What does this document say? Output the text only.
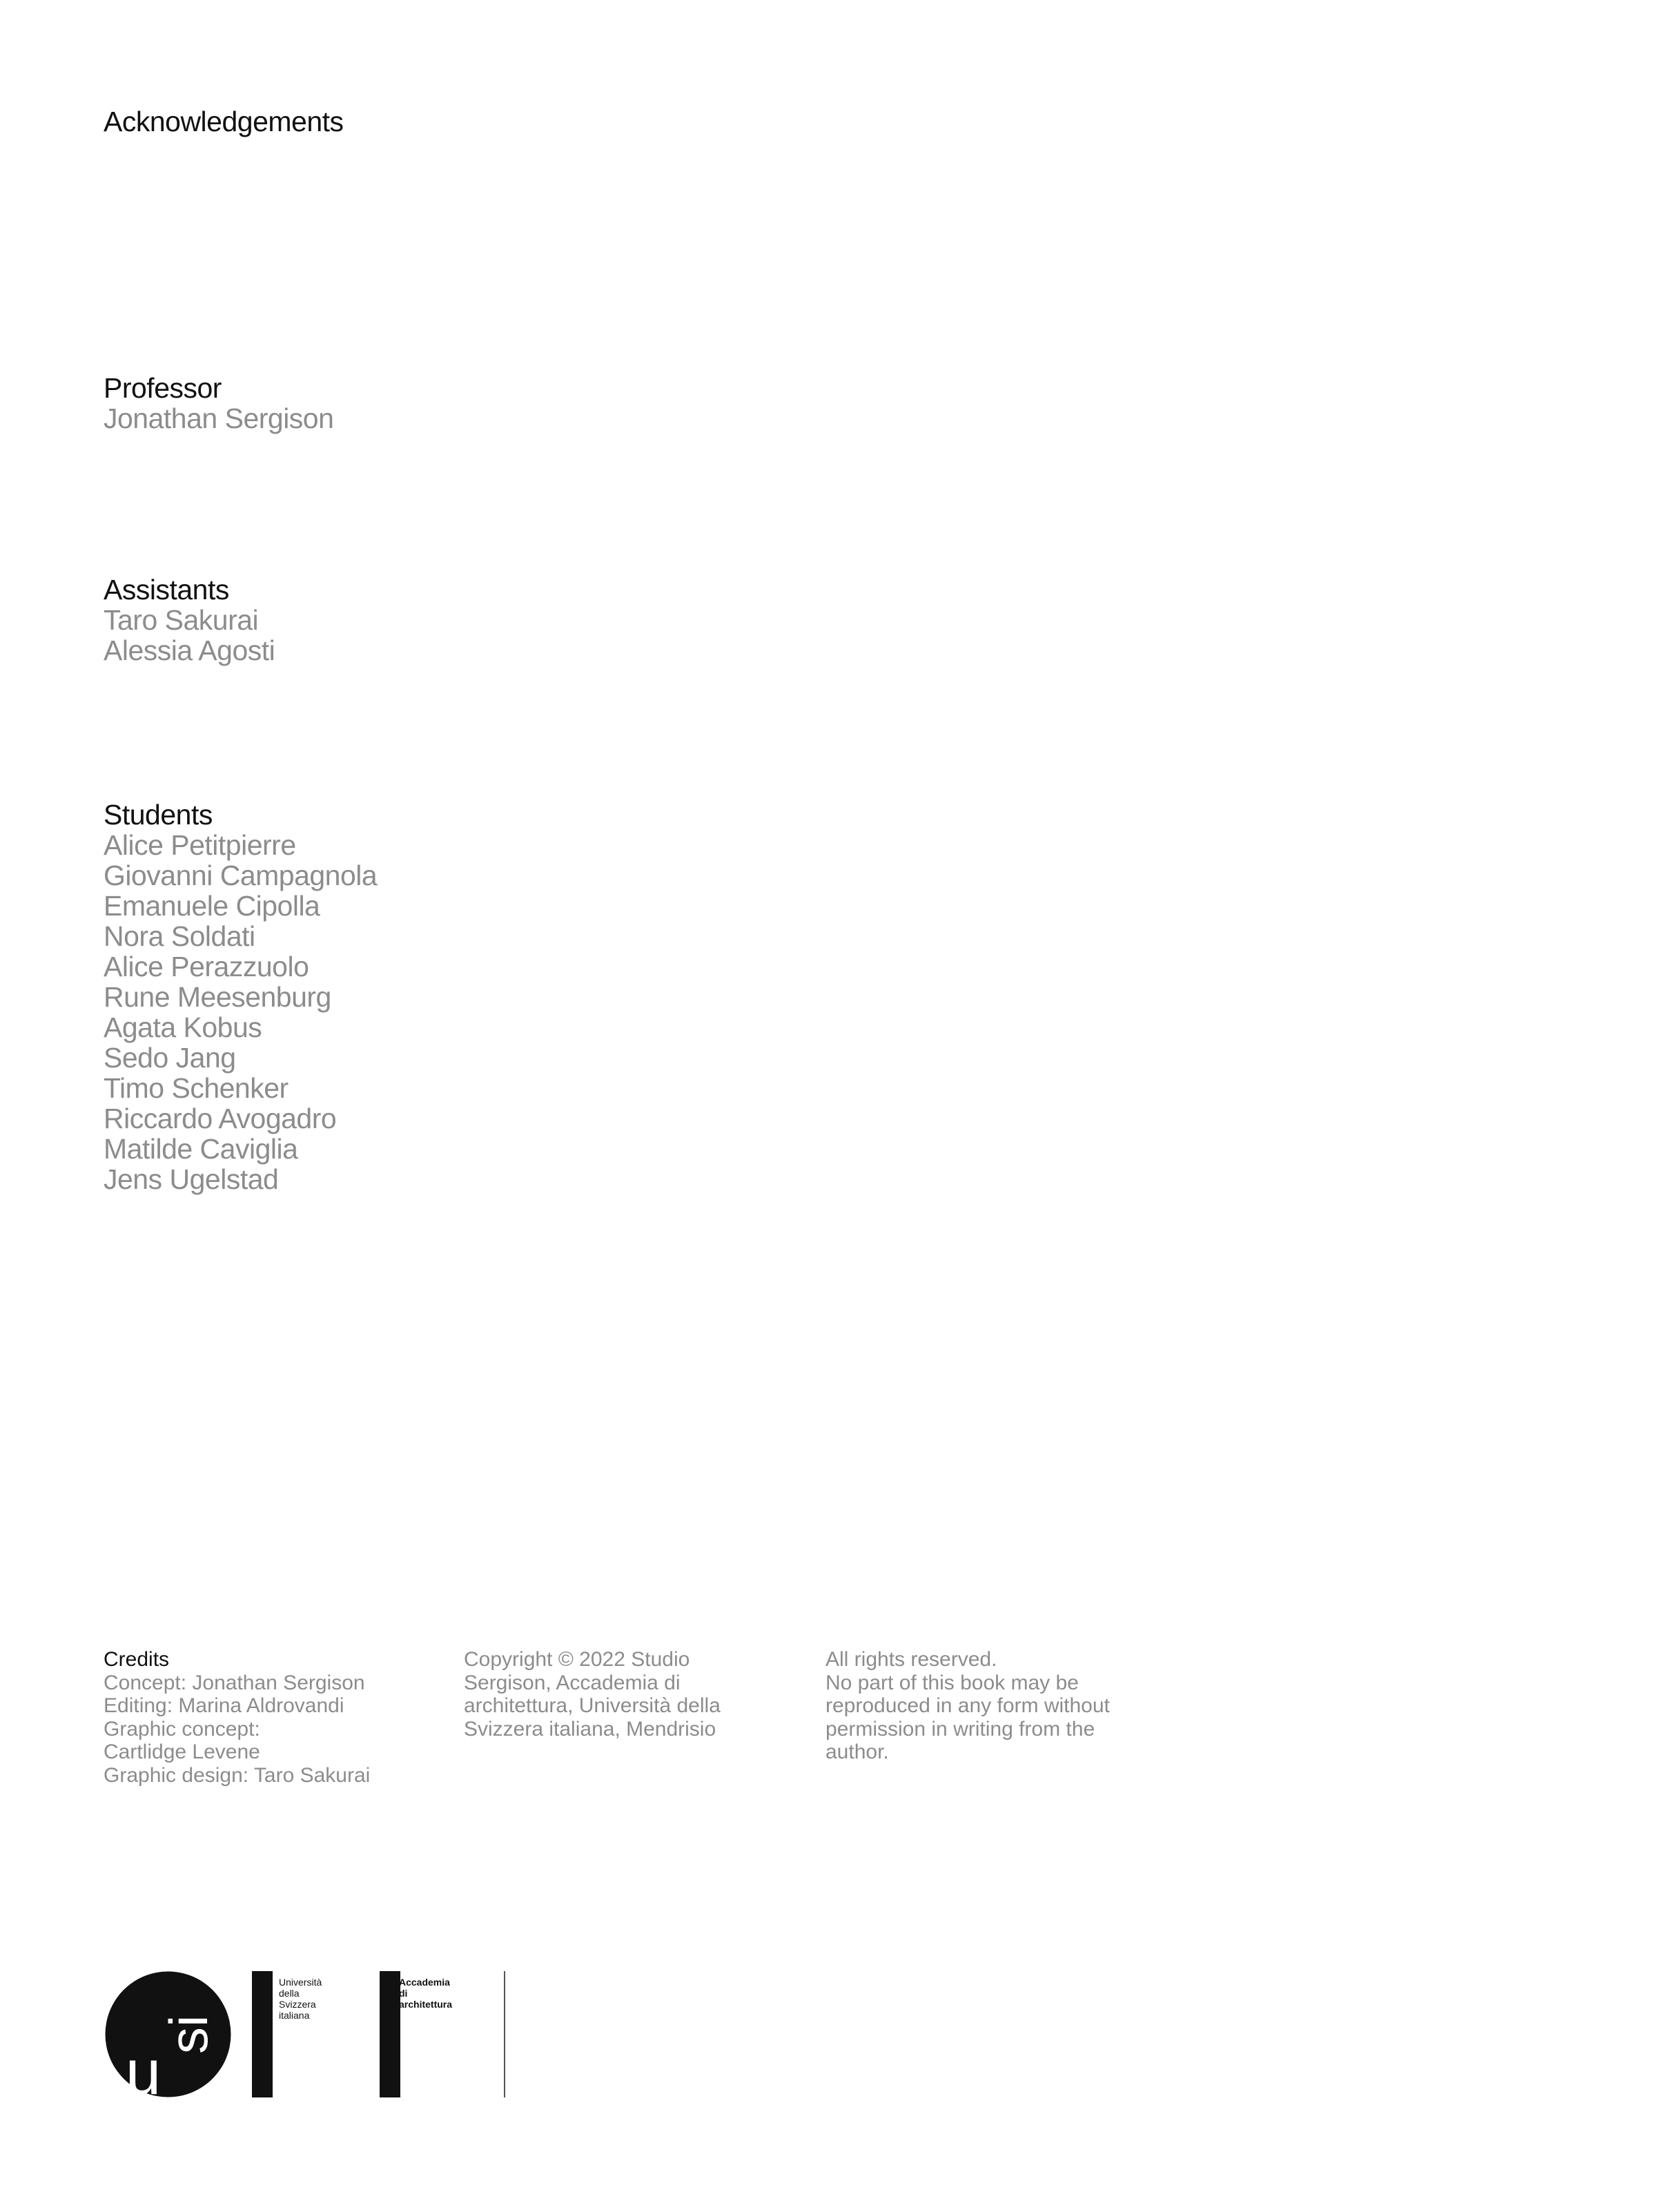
Acknowledgements
Professor
Jonathan Sergison
Assistants
Taro Sakurai
Alessia Agosti
Students
Alice Petitpierre
Giovanni Campagnola
Emanuele Cipolla
Nora Soldati
Alice Perazzuolo
Rune Meesenburg
Agata Kobus
Sedo Jang
Timo Schenker
Riccardo Avogadro
Matilde Caviglia
Jens Ugelstad
Credits
Concept: Jonathan Sergison
Editing: Marina Aldrovandi
Graphic concept:
Cartlidge Levene
Graphic design: Taro Sakurai
Copyright © 2022 Studio
Sergison, Accademia di
architettura, Università della
Svizzera italiana, Mendrisio
All rights reserved.
No part of this book may be
reproduced in any form without
permission in writing from the
author.
u
si
Università
della
Svizzera
italiana
Accademia
di
architettura
